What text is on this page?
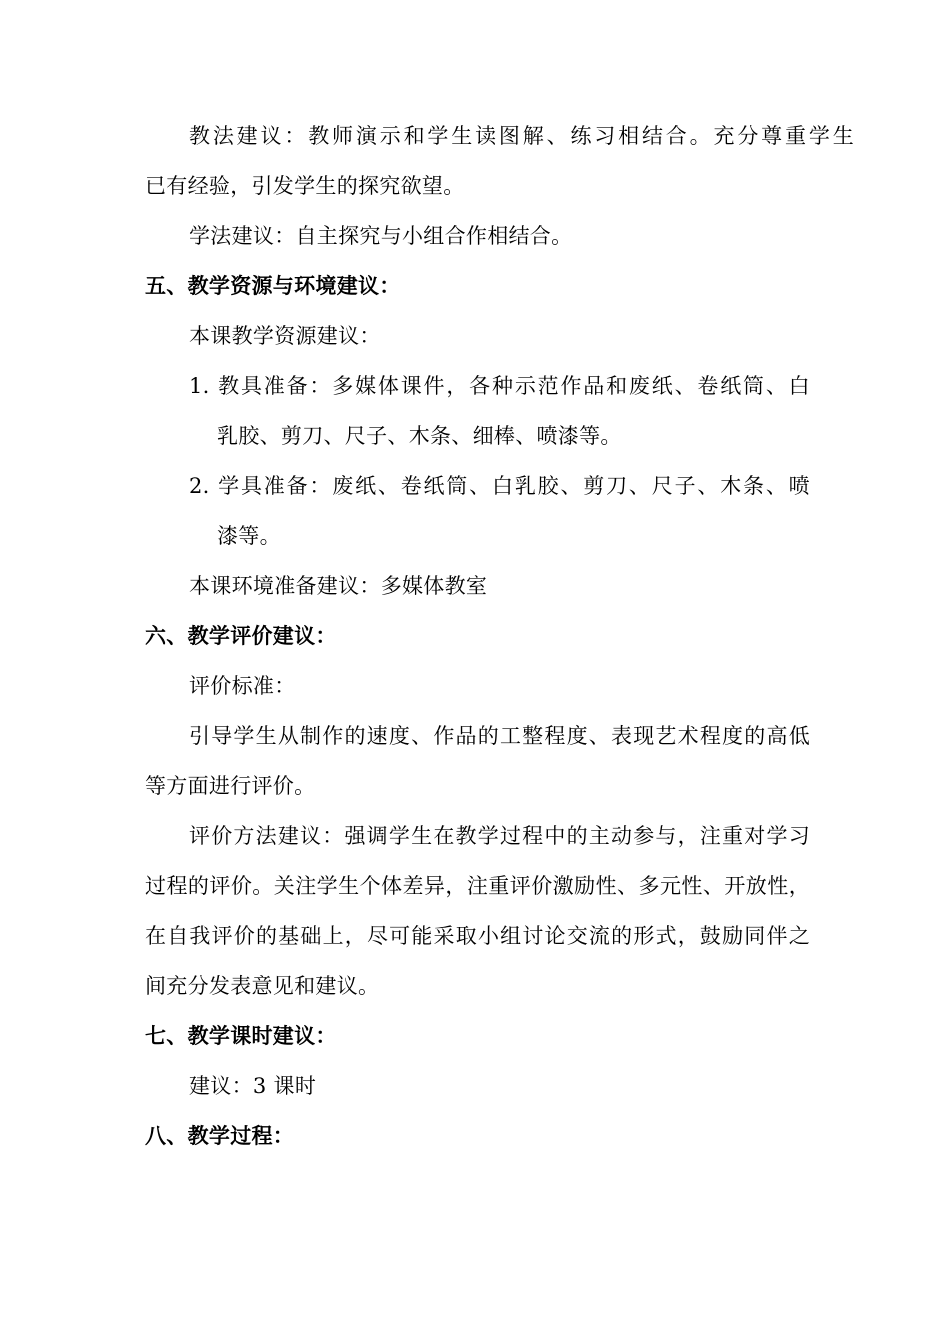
教法建议：教师演示和学生读图解、练习相结合。充分尊重学生
已有经验，引发学生的探究欲望。
学法建议：自主探究与小组合作相结合。
五、教学资源与环境建议：
本课教学资源建议：
1. 教具准备：多媒体课件，各种示范作品和废纸、卷纸筒、白
乳胶、剪刀、尺子、木条、细棒、喷漆等。
2. 学具准备：废纸、卷纸筒、白乳胶、剪刀、尺子、木条、喷
漆等。
本课环境准备建议：多媒体教室
六、教学评价建议：
评价标准：
引导学生从制作的速度、作品的工整程度、表现艺术程度的高低
等方面进行评价。
评价方法建议：强调学生在教学过程中的主动参与，注重对学习
过程的评价。关注学生个体差异，注重评价激励性、多元性、开放性，
在自我评价的基础上，尽可能采取小组讨论交流的形式，鼓励同伴之
间充分发表意见和建议。
七、教学课时建议：
建议：3 课时
八、教学过程：
